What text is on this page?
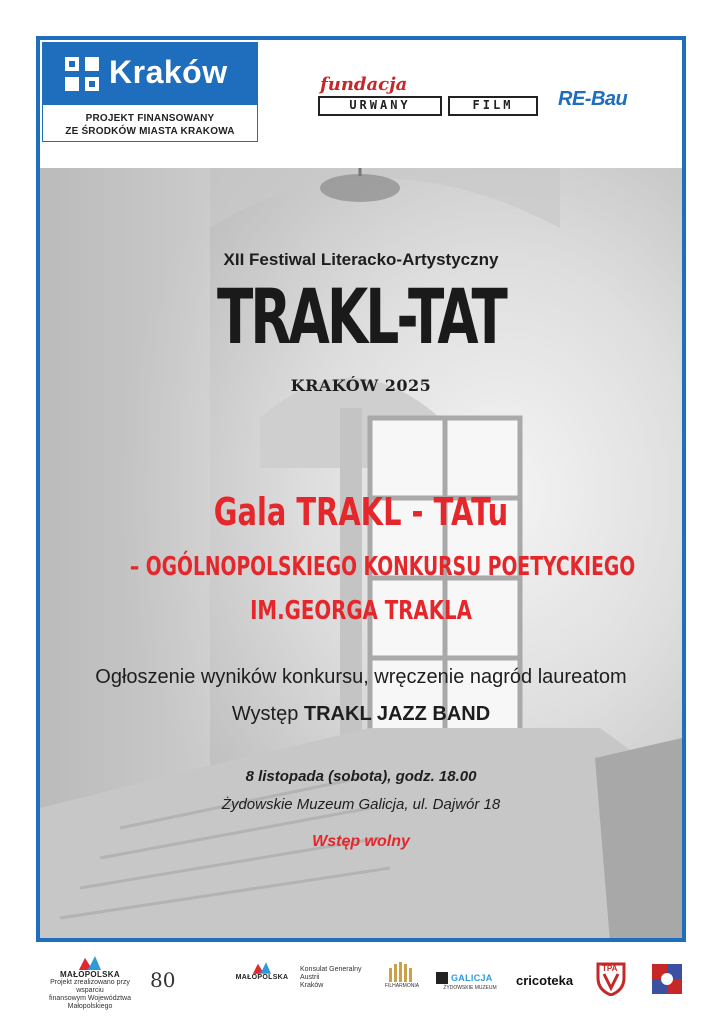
Kraków
PROJEKT FINANSOWANY
ZE ŚRODKÓW MIASTA KRAKOWA
fundacja
URWANY	FILM	RE-Bau
XII Festiwal Literacko-Artystyczny
TRAKL-TAT
KRAKÓW 2025
Gala TRAKL - TATu
– OGÓLNOPOLSKIEGO KONKURSU POETYCKIEGO
IM.GEORGA TRAKLA
Ogłoszenie wyników konkursu, wręczenie nagród laureatom
Występ TRAKL JAZZ BAND
8 listopada (sobota), godz. 18.00
Żydowskie Muzeum Galicja, ul. Dajwór 18
Wstęp wolny
MAŁOPOLSKA
Projekt zrealizowano przy wsparciu
finansowym Województwa Małopolskiego
80	MAŁOPOLSKA
Konsulat Generalny
Austrii
Kraków	FILHARMONIA
GALICJA
ŻYDOWSKIE MUZEUM	cricoteka
TPA
